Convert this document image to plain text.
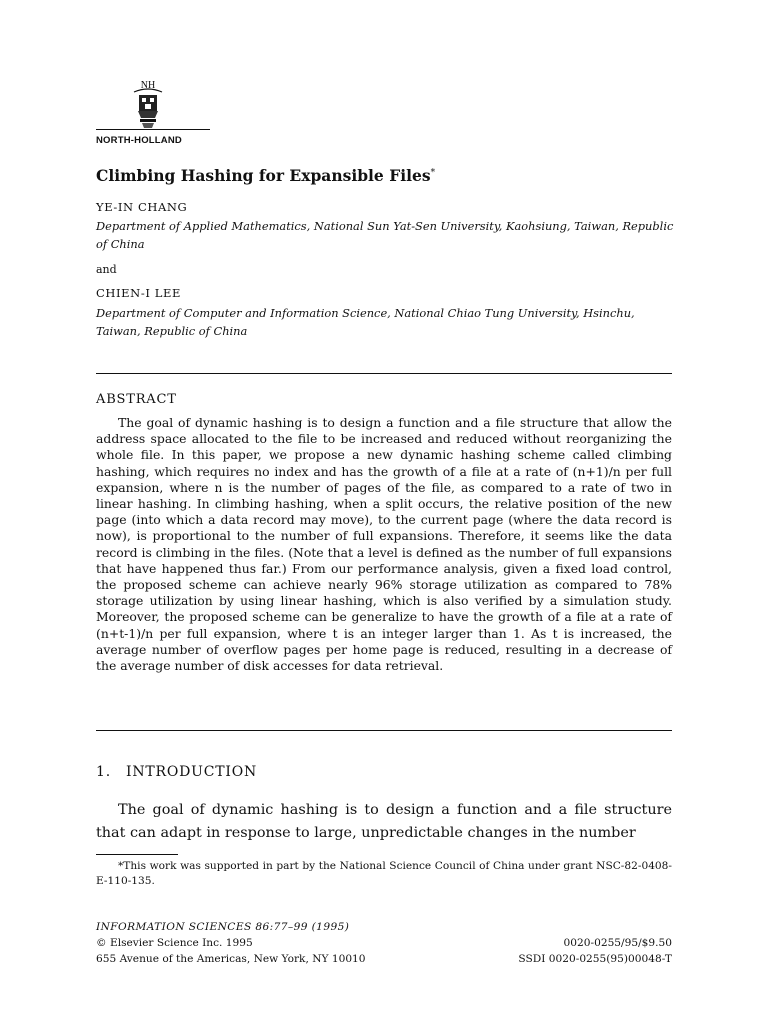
NH
NORTH-HOLLAND
Climbing Hashing for Expansible Files*
YE-IN CHANG
Department of Applied Mathematics, National Sun Yat-Sen University, Kaohsiung, Taiwan, Republic of China
and
CHIEN-I LEE
Department of Computer and Information Science, National Chiao Tung University, Hsinchu, Taiwan, Republic of China
ABSTRACT

The goal of dynamic hashing is to design a function and a file structure that allow the address space allocated to the file to be increased and reduced without reorganizing the whole file. In this paper, we propose a new dynamic hashing scheme called climbing hashing, which requires no index and has the growth of a file at a rate of (n+1)/n per full expansion, where n is the number of pages of the file, as compared to a rate of two in linear hashing. In climbing hashing, when a split occurs, the relative position of the new page (into which a data record may move), to the current page (where the data record is now), is proportional to the number of full expansions. Therefore, it seems like the data record is climbing in the files. (Note that a level is defined as the number of full expansions that have happened thus far.) From our performance analysis, given a fixed load control, the proposed scheme can achieve nearly 96% storage utilization as compared to 78% storage utilization by using linear hashing, which is also verified by a simulation study. Moreover, the proposed scheme can be generalize to have the growth of a file at a rate of (n+t-1)/n per full expansion, where t is an integer larger than 1. As t is increased, the average number of overflow pages per home page is reduced, resulting in a decrease of the average number of disk accesses for data retrieval.

1. INTRODUCTION

The goal of dynamic hashing is to design a function and a file structure that can adapt in response to large, unpredictable changes in the number

*This work was supported in part by the National Science Council of China under grant NSC-82-0408-E-110-135.

INFORMATION SCIENCES 86:77–99 (1995)
© Elsevier Science Inc. 1995	0020-0255/95/$9.50
655 Avenue of the Americas, New York, NY 10010	SSDI 0020-0255(95)00048-T
